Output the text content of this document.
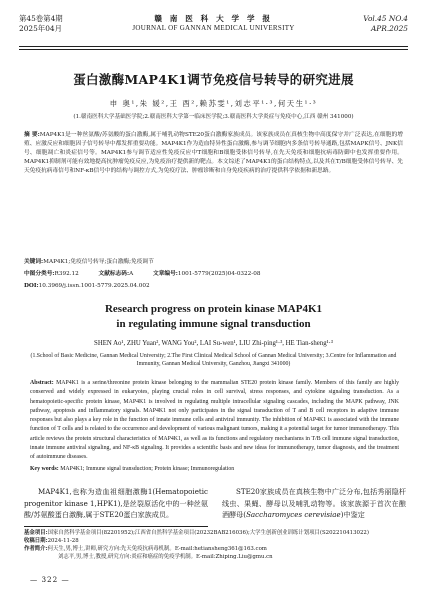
第45卷第4期
2025年04月
赣 南 医 科 大 学 学 报
JOURNAL OF GANNAN MEDICAL UNIVERSITY
Vol.45 NO.4
APR.2025
蛋白激酶MAP4K1调节免疫信号转导的研究进展
申 奥¹,朱 媛²,王 酉²,赖苏雯¹,刘志平¹·³,何天生¹·³
(1.赣南医科大学基础医学院;2.赣南医科大学第一临床医学院;3.赣南医科大学炎症与免疫中心,江西 赣州 341000)
摘 要:MAP4K1是一种丝氨酸/苏氨酸的蛋白激酶,属于哺乳动物STE20蛋白激酶家族成员。该家族成员在真核生物中高度保守并广泛表达,在细胞的增殖、应激反应和细胞因子信号转导中都发挥重要功能。MAP4K1作为造血特异性蛋白激酶,参与调节细胞内多条信号转导通路,包括MAPK信号、JNK信号、细胞凋亡和炎症信号等。MAP4K1参与调节适应性免疫反应中T细胞和B细胞受体信号转导,在先天免疫和细胞抗病毒防御中也发挥重要作用。MAP4K1抑制剂可能有效地提高抗肿瘤免疫反应,为免疫治疗提供新的靶点。本文综述了MAP4K1的蛋白结构特点,以及其在T/B细胞受体信号转导、先天免疫抗病毒信号和NF-κB信号中的结构与调控方式,为免疫疗法、肿瘤诊断和自身免疫疾病的治疗提供科学依据和新思路。
关键词:MAP4K1;免疫信号转导;蛋白激酶;免疫调节
中图分类号:R392.12	文献标志码:A	文章编号:1001-5779(2025)04-0322-08
DOI:10.3969/j.issn.1001-5779.2025.04.002
Research progress on protein kinase MAP4K1
in regulating immune signal transduction
SHEN Ao¹, ZHU Yuan², WANG You², LAI Su-wen¹, LIU Zhi-ping¹·³, HE Tian-sheng¹·³
(1.School of Basic Medicine, Gannan Medical University; 2.The First Clinical Medical School of Gannan Medical University; 3.Centre for Inflammation and Immunity, Gannan Medical University, Ganzhou, Jiangxi 341000)
Abstract: MAP4K1 is a serine/threonine protein kinase belonging to the mammalian STE20 protein kinase family. Members of this family are highly conserved and widely expressed in eukaryotes, playing crucial roles in cell survival, stress responses, and cytokine signaling transduction. As a hematopoietic-specific protein kinase, MAP4K1 is involved in regulating multiple intracellular signaling cascades, including the MAPK pathway, JNK pathway, apoptosis and inflammatory signals. MAP4K1 not only participates in the signal transduction of T and B cell receptors in adaptive immune responses but also plays a key role in the function of innate immune cells and antiviral immunity. The inhibition of MAP4K1 is associated with the immune function of T cells and is related to the occurrence and development of various malignant tumors, making it a potential target for tumor immunotherapy. This article reviews the protein structural characteristics of MAP4K1, as well as its functions and regulatory mechanisms in T/B cell immune signal transduction, innate immune antiviral signaling, and NF-κB signaling. It provides a scientific basis and new ideas for immunotherapy, tumor diagnosis, and the treatment of autoimmune diseases.
Key words: MAP4K1; Immune signal transduction; Protein kinase; Immunoregulation
MAP4K1,也称为造血祖细胞激酶1(Hematopoietic progenitor kinase 1,HPK1),是丝裂原活化中的一种丝氨酸/苏氨酸蛋白激酶,属于STE20蛋白家族成员。
STE20家族成员在真核生物中广泛分布,包括秀丽隐杆线虫、果蝇、酵母以及哺乳动物等。该家族源于首次在酿酒酵母(Saccharomyces cerevisiae)中鉴定
基金项目:国家自然科学基金项目(82201952);江西省自然科学基金项目(20232BAB216036);大学生创新创业训练计划项目(S202210413022)
收稿日期:2024-11-28
作者简介:何天生,男,博士,讲师,研究方向:先天免疫抗病毒机制。E-mail:hetiansheng361@163.com
刘志平,男,博士,教授,研究方向:炎症和癌症的免疫学机制。E-mail:Zhiping.Liu@gmu.cn
— 322 —
